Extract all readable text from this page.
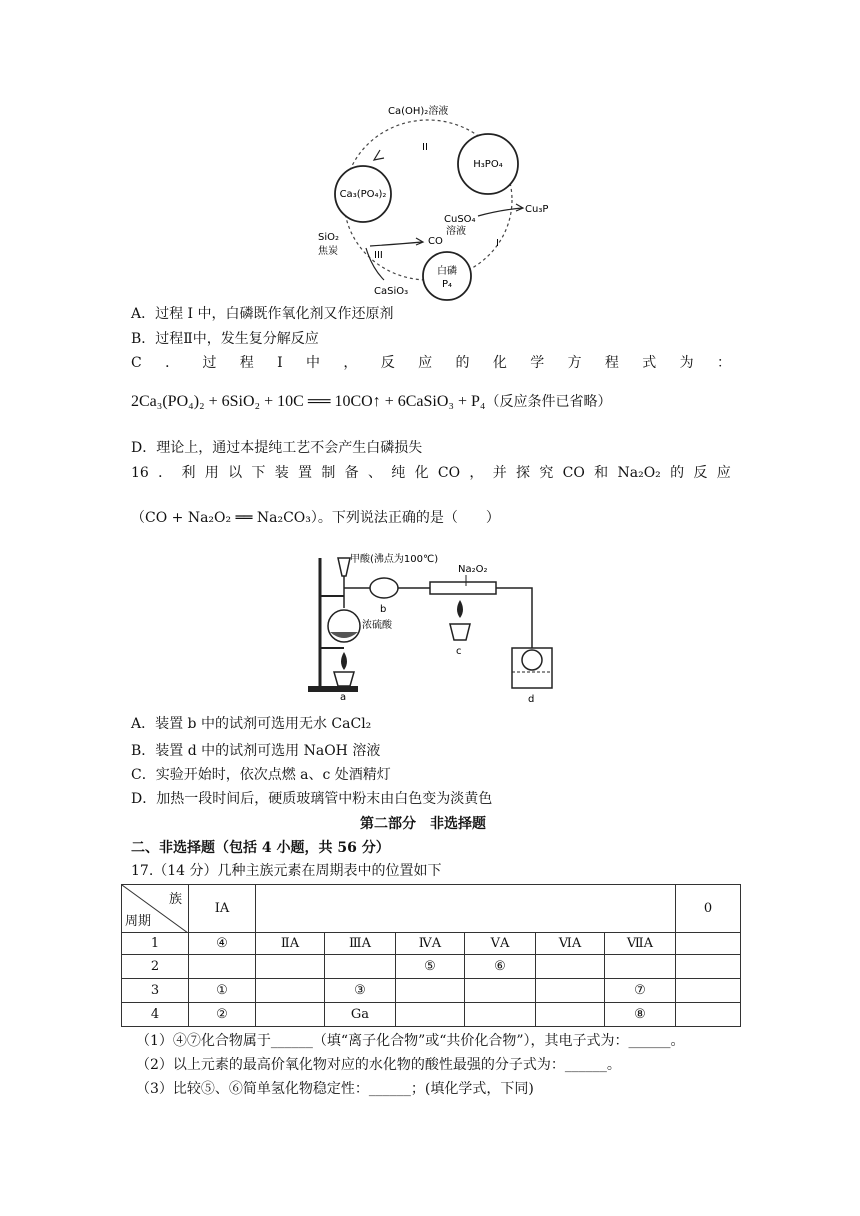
Ca₃(PO₄)₂
H₃PO₄
白磷
P₄
Ca(OH)₂溶液
II
CuSO₄
溶液
Cu₃P
I
SiO₂
焦炭
CO
III
CaSiO₃
A．过程 I 中，白磷既作氧化剂又作还原剂
B．过程Ⅱ中，发生复分解反应
C ． 过 程 I 中 ， 反 应 的 化 学 方 程 式 为 ：
2Ca₃(PO₄)₂ + 6SiO₂ + 10C ══ 10CO↑ + 6CaSiO₃ + P₄（反应条件已省略）
D．理论上，通过本提纯工艺不会产生白磷损失
16 ． 利 用 以 下 装 置 制 备 、 纯 化 CO ， 并 探 究 CO 和 Na₂O₂ 的 反 应
（CO + Na₂O₂ ══ Na₂CO₃）。下列说法正确的是（　　）
甲酸(沸点为100℃)
浓硫酸
a
b
Na₂O₂
c
d
A．装置 b 中的试剂可选用无水 CaCl₂
B．装置 d 中的试剂可选用 NaOH 溶液
C．实验开始时，依次点燃 a、c 处酒精灯
D．加热一段时间后，硬质玻璃管中粉末由白色变为淡黄色
第二部分　非选择题
二、非选择题（包括 4 小题，共 56 分）
17.（14 分）几种主族元素在周期表中的位置如下
族
周期	IA							0
1	④	ⅡA	ⅢA	ⅣA	ⅤA	ⅥA	ⅦA	
2				⑤	⑥			
3	①		③				⑦	
4	②		Ga				⑧	
（1）④⑦化合物属于______（填“离子化合物”或“共价化合物”），其电子式为：______。
（2）以上元素的最高价氧化物对应的水化物的酸性最强的分子式为：______。
（3）比较⑤、⑥简单氢化物稳定性：______；(填化学式，下同)
